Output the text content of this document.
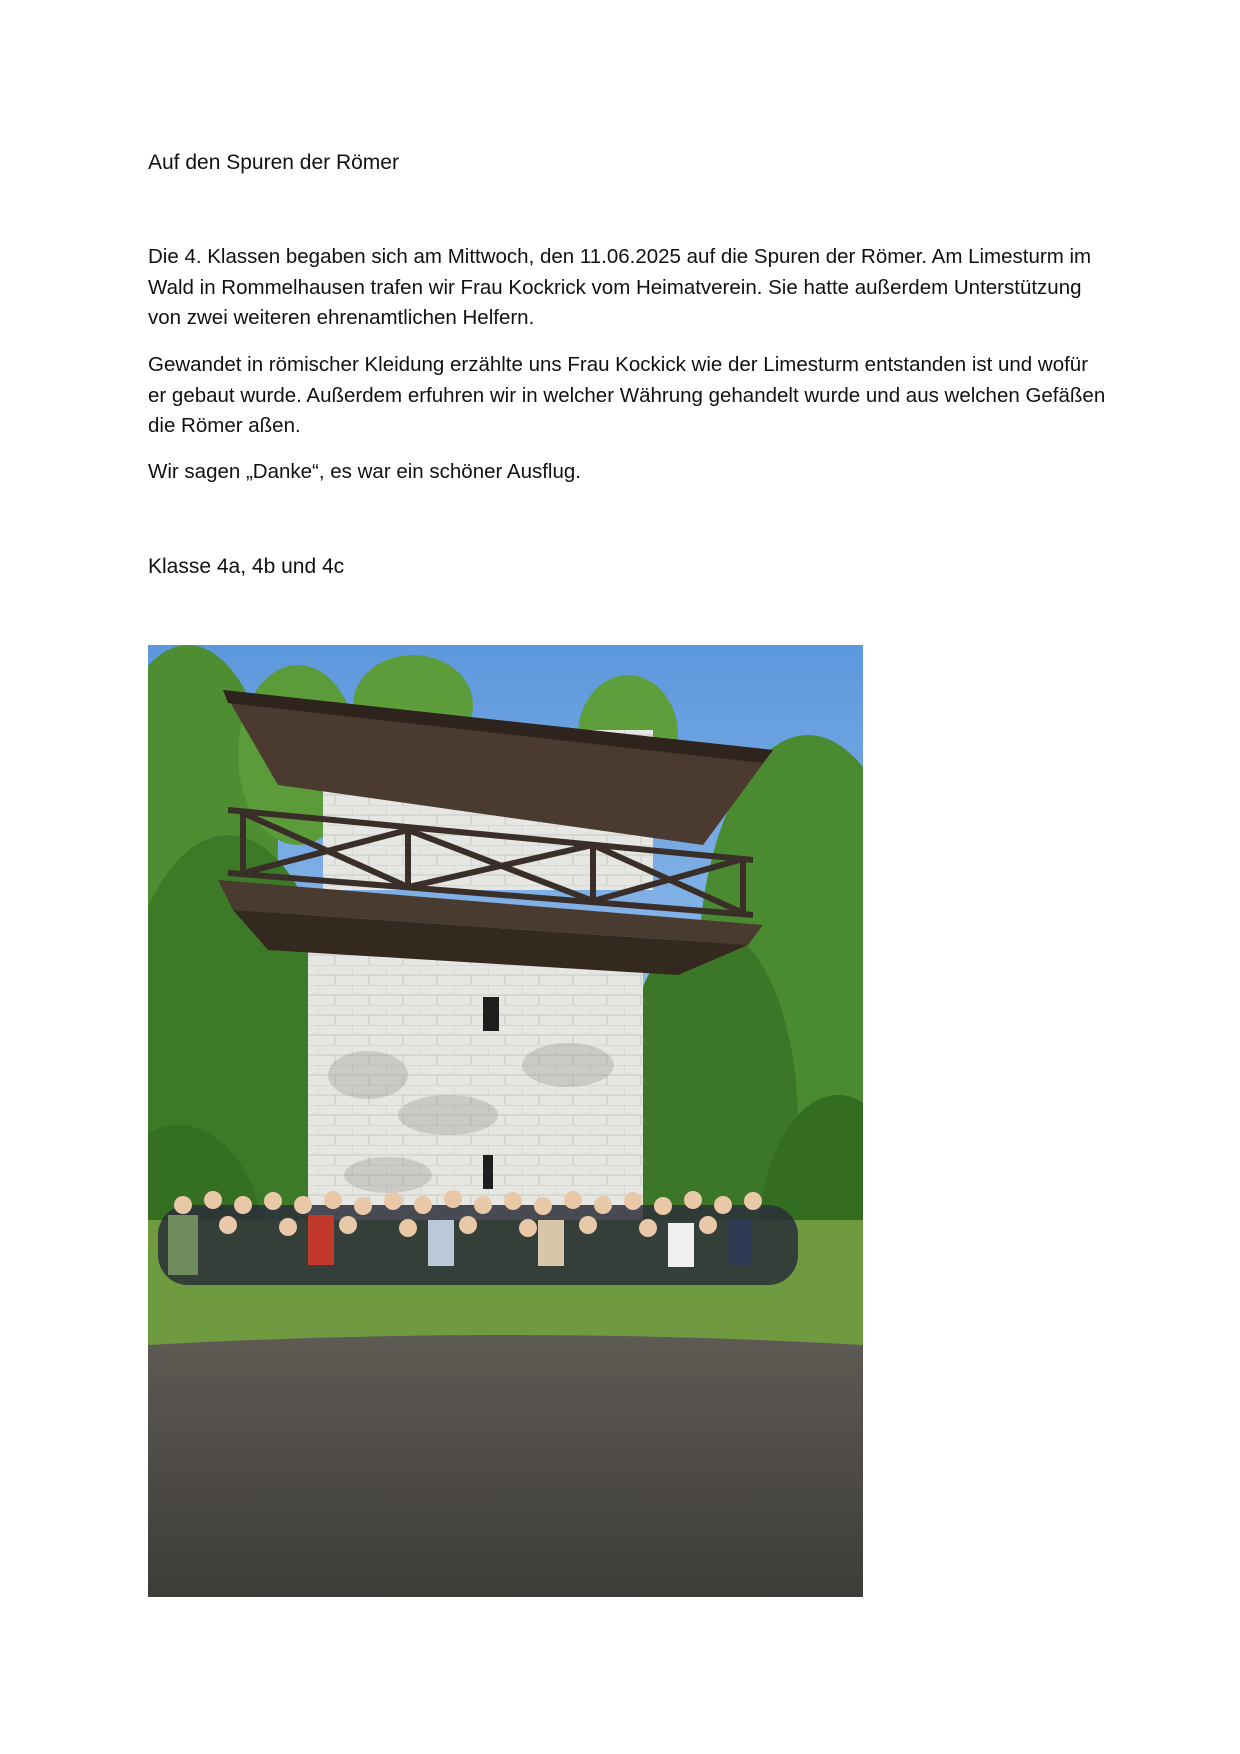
Auf den Spuren der Römer

Die 4. Klassen begaben sich am Mittwoch, den 11.06.2025 auf die Spuren der Römer. Am Limesturm im Wald in Rommelhausen trafen wir Frau Kockrick vom Heimatverein. Sie hatte außerdem Unterstützung von zwei weiteren ehrenamtlichen Helfern.

Gewandet in römischer Kleidung erzählte uns Frau Kockick wie der Limesturm entstanden ist und wofür er gebaut wurde. Außerdem erfuhren wir in welcher Währung gehandelt wurde und aus welchen Gefäßen die Römer aßen.

Wir sagen „Danke“, es war ein schöner Ausflug.

Klasse 4a, 4b und 4c
